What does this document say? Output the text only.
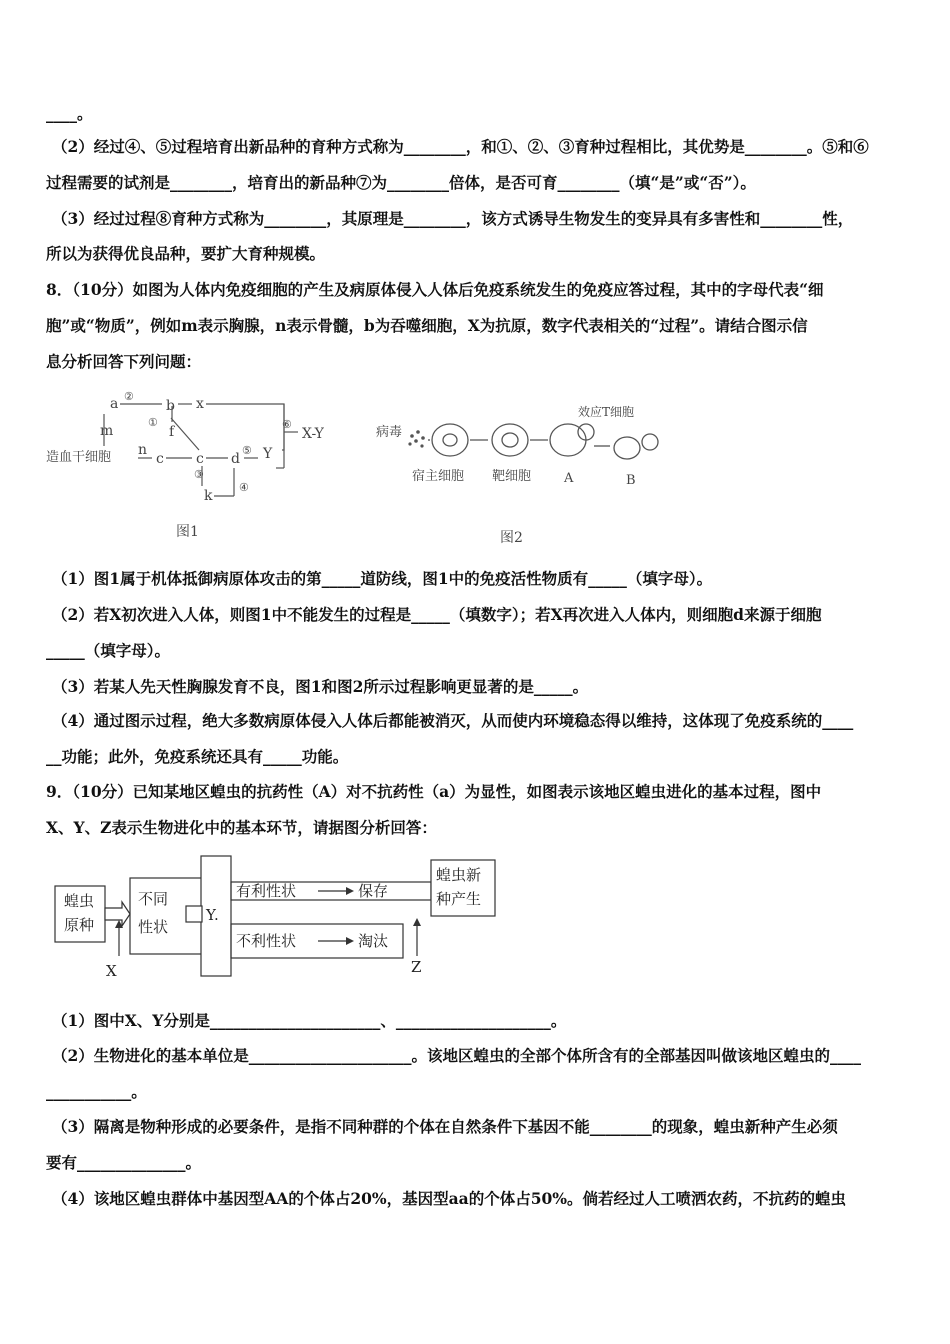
____。
（2）经过④、⑤过程培育出新品种的育种方式称为________，和①、②、③育种过程相比，其优势是________。⑤和⑥
过程需要的试剂是________，培育出的新品种⑦为________倍体，是否可育________（填“是”或“否”）。
（3）经过过程⑧育种方式称为________，其原理是________，该方式诱导生物发生的变异具有多害性和________性，
所以为获得优良品种，要扩大育种规模。
8．（10分）如图为人体内免疫细胞的产生及病原体侵入人体后免疫系统发生的免疫应答过程，其中的字母代表“细
胞”或“物质”，例如m表示胸腺，n表示骨髓，b为吞噬细胞，X为抗原，数字代表相关的“过程”。请结合图示信
息分析回答下列问题：
a ②
b x
①
f
m
n
造血干细胞	c c
③
k
d
⑤
④
Y
⑥
X-Y
图1
病毒
宿主细胞 靶细胞
效应T细胞
A	B
图2
（1）图1属于机体抵御病原体攻击的第_____道防线，图1中的免疫活性物质有_____（填字母）。
（2）若X初次进入人体，则图1中不能发生的过程是_____（填数字）；若X再次进入人体内，则细胞d来源于细胞
_____（填字母）。
（3）若某人先天性胸腺发育不良，图1和图2所示过程影响更显著的是_____。
（4）通过图示过程，绝大多数病原体侵入人体后都能被消灭，从而使内环境稳态得以维持，这体现了免疫系统的____
__功能；此外，免疫系统还具有_____功能。
9．（10分）已知某地区蝗虫的抗药性（A）对不抗药性（a）为显性，如图表示该地区蝗虫进化的基本过程，图中
X、Y、Z表示生物进化中的基本环节，请据图分析回答：
蝗虫
原种
不同
性状
Y.
有利性状	保存
不利性状	淘汰
蝗虫新
种产生
X	Z
（1）图中X、Y分别是______________________、____________________。
（2）生物进化的基本单位是_____________________。该地区蝗虫的全部个体所含有的全部基因叫做该地区蝗虫的____
___________。
（3）隔离是物种形成的必要条件，是指不同种群的个体在自然条件下基因不能________的现象，蝗虫新种产生必须
要有______________。
（4）该地区蝗虫群体中基因型AA的个体占20%，基因型aa的个体占50%。倘若经过人工喷洒农药，不抗药的蝗虫
